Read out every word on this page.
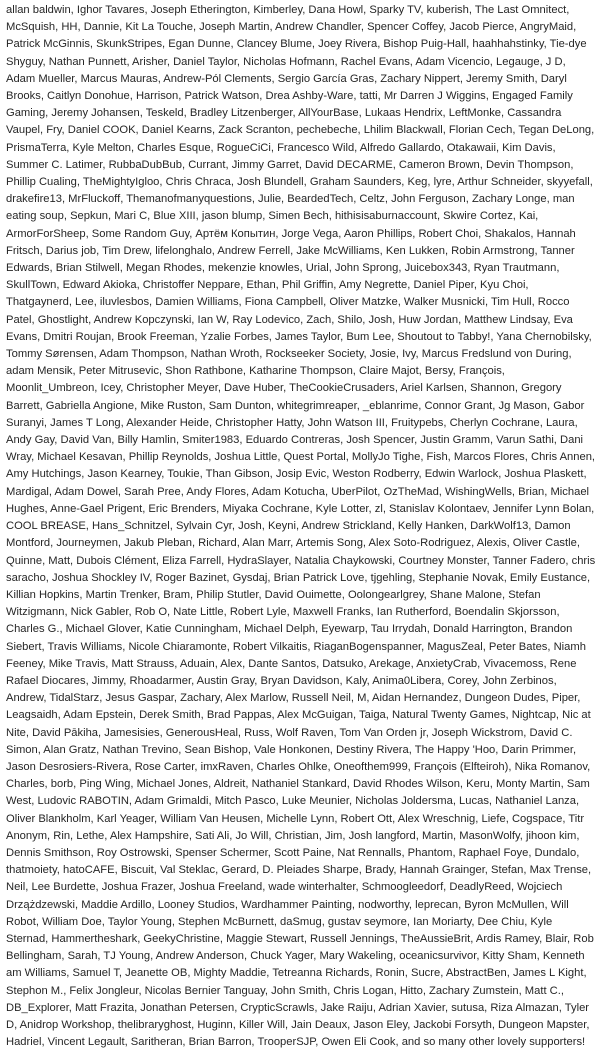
allan baldwin, Ighor Tavares, Joseph Etherington, Kimberley, Dana Howl, Sparky TV, kuberish, The Last Omnitect, McSquish, HH, Dannie, Kit La Touche, Joseph Martin, Andrew Chandler, Spencer Coffey, Jacob Pierce, AngryMaid, Patrick McGinnis, SkunkStripes, Egan Dunne, Clancey Blume, Joey Rivera, Bishop Puig-Hall, haahhahstinky, Tie-dye Shyguy, Nathan Punnett, Arisher, Daniel Taylor, Nicholas Hofmann, Rachel Evans, Adam Vicencio, Legauge, J D, Adam Mueller, Marcus Mauras, Andrew-Pól Clements, Sergio García Gras, Zachary Nippert, Jeremy Smith, Daryl Brooks, Caitlyn Donohue, Harrison, Patrick Watson, Drea Ashby-Ware, tatti, Mr Darren J Wiggins, Engaged Family Gaming, Jeremy Johansen, Teskeld, Bradley Litzenberger, AllYourBase, Lukaas Hendrix, LeftMonke, Cassandra Vaupel, Fry, Daniel COOK, Daniel Kearns, Zack Scranton, pechebeche, Lhilim Blackwall, Florian Cech, Tegan DeLong, PrismaTerra, Kyle Melton, Charles Esque, RogueCiCi, Francesco Wild, Alfredo Gallardo, Otakawaii, Kim Davis, Summer C. Latimer, RubbaDubBub, Currant, Jimmy Garret, David DECARME, Cameron Brown, Devin Thompson, Phillip Cualing, TheMightyIgloo, Chris Chraca, Josh Blundell, Graham Saunders, Keg, lyre, Arthur Schneider, skyyefall, drakefire13, MrFluckoff, Themanofmanyquestions, Julie, BeardedTech, Celtz, John Ferguson, Zachary Longe, man eating soup, Sepkun, Mari C, Blue XIII, jason blump, Simen Bech, hithisisaburnaccount, Skwire Cortez, Kai, ArmorForSheep, Some Random Guy, Артём Копытин, Jorge Vega, Aaron Phillips, Robert Choi, Shakalos, Hannah Fritsch, Darius job, Tim Drew, lifelonghalo, Andrew Ferrell, Jake McWilliams, Ken Lukken, Robin Armstrong, Tanner Edwards, Brian Stilwell, Megan Rhodes, mekenzie knowles, Urial, John Sprong, Juicebox343, Ryan Trautmann, SkullTown, Edward Akioka, Christoffer Neppare, Ethan, Phil Griffin, Amy Negrette, Daniel Piper, Kyu Choi, Thatgaynerd, Lee, iluvlesbos, Damien Williams, Fiona Campbell, Oliver Matzke, Walker Musnicki, Tim Hull, Rocco Patel, Ghostlight, Andrew Kopczynski, Ian W, Ray Lodevico, Zach, Shilo, Josh, Huw Jordan, Matthew Lindsay, Eva Evans, Dmitri Roujan, Brook Freeman, Yzalie Forbes, James Taylor, Bum Lee, Shoutout to Tabby!, Yana Chernobilsky, Tommy Sørensen, Adam Thompson, Nathan Wroth, Rockseeker Society, Josie, Ivy, Marcus Fredslund von During, adam Mensik, Peter Mitrusevic, Shon Rathbone, Katharine Thompson, Claire Majot, Bersy, François, Moonlit_Umbreon, Icey, Christopher Meyer, Dave Huber, TheCookieCrusaders, Ariel Karlsen, Shannon, Gregory Barrett, Gabriella Angione, Mike Ruston, Sam Dunton, whitegrimreaper, _eblanrime, Connor Grant, Jg Mason, Gabor Suranyi, James T Long, Alexander Heide, Christopher Hatty, John Watson III, Fruitypebs, Cherlyn Cochrane, Laura, Andy Gay, David Van, Billy Hamlin, Smiter1983, Eduardo Contreras, Josh Spencer, Justin Gramm, Varun Sathi, Dani Wray, Michael Kesavan, Phillip Reynolds, Joshua Little, Quest Portal, MollyJo Tighe, Fish, Marcos Flores, Chris Annen, Amy Hutchings, Jason Kearney, Toukie, Than Gibson, Josip Evic, Weston Rodberry, Edwin Warlock, Joshua Plaskett, Mardigal, Adam Dowel, Sarah Pree, Andy Flores, Adam Kotucha, UberPilot, OzTheMad, WishingWells, Brian, Michael Hughes, Anne-Gael Prigent, Eric Brenders, Miyaka Cochrane, Kyle Lotter, zl, Stanislav Kolontaev, Jennifer Lynn Bolan, COOL BREASE, Hans_Schnitzel, Sylvain Cyr, Josh, Keyni, Andrew Strickland, Kelly Hanken, DarkWolf13, Damon Montford, Journeymen, Jakub Pleban, Richard, Alan Marr, Artemis Song, Alex Soto-Rodriguez, Alexis, Oliver Castle, Quinne, Matt, Dubois Clément, Eliza Farrell, HydraSlayer, Natalia Chaykowski, Courtney Monster, Tanner Fadero, chris saracho, Joshua Shockley IV, Roger Bazinet, Gysdaj, Brian Patrick Love, tjgehling, Stephanie Novak, Emily Eustance, Killian Hopkins, Martin Trenker, Bram, Philip Stutler, David Ouimette, Oolongearlgrey, Shane Malone, Stefan Witzigmann, Nick Gabler, Rob O, Nate Little, Robert Lyle, Maxwell Franks, Ian Rutherford, Boendalin Skjorsson, Charles G., Michael Glover, Katie Cunningham, Michael Delph, Eyewarp, Tau Irrydah, Donald Harrington, Brandon Siebert, Travis Williams, Nicole Chiaramonte, Robert Vilkaitis, RiaganBogenspanner, MagusZeal, Peter Bates, Niamh Feeney, Mike Travis, Matt Strauss, Aduain, Alex, Dante Santos, Datsuko, Arekage, AnxietyCrab, Vivacemoss, Rene Rafael Diocares, Jimmy, Rhoadarmer, Austin Gray, Bryan Davidson, Kaly, Anima0Libera, Corey, John Zerbinos, Andrew, TidalStarz, Jesus Gaspar, Zachary, Alex Marlow, Russell Neil, M, Aidan Hernandez, Dungeon Dudes, Piper, Leagsaidh, Adam Epstein, Derek Smith, Brad Pappas, Alex McGuigan, Taiga, Natural Twenty Games, Nightcap, Nic at Nite, David Pākiha, Jamesisies, GenerousHeal, Russ, Wolf Raven, Tom Van Orden jr, Joseph Wickstrom, David C. Simon, Alan Gratz, Nathan Trevino, Sean Bishop, Vale Honkonen, Destiny Rivera, The Happy 'Hoo, Darin Primmer, Jason Desrosiers-Rivera, Rose Carter, imxRaven, Charles Ohlke, Oneofthem999, François (Elfteiroh), Nika Romanov, Charles, borb, Ping Wing, Michael Jones, Aldreit, Nathaniel Stankard, David Rhodes Wilson, Keru, Monty Martin, Sam West, Ludovic RABOTIN, Adam Grimaldi, Mitch Pasco, Luke Meunier, Nicholas Joldersma, Lucas, Nathaniel Lanza, Oliver Blankholm, Karl Yeager, William Van Heusen, Michelle Lynn, Robert Ott, Alex Wreschnig, Liefe, Cogspace, Titr Anonym, Rin, Lethe, Alex Hampshire, Sati Ali, Jo Will, Christian, Jim, Josh langford, Martin, MasonWolfy, jihoon kim, Dennis Smithson, Roy Ostrowski, Spenser Schermer, Scott Paine, Nat Rennalls, Phantom, Raphael Foye, Dundalo, thatmoiety, hatoCAFE, Biscuit, Val Steklac, Gerard, D. Pleiades Sharpe, Brady, Hannah Grainger, Stefan, Max Trense, Neil, Lee Burdette, Joshua Frazer, Joshua Freeland, wade winterhalter, Schmoogleedorf, DeadlyReed, Wojciech Drzążdzewski, Maddie Ardillo, Looney Studios, Wardhammer Painting, nodworthy, leprecan, Byron McMullen, Will Robot, William Doe, Taylor Young, Stephen McBurnett, daSmug, gustav seymore, Ian Moriarty, Dee Chiu, Kyle Sternad, Hammertheshark, GeekyChristine, Maggie Stewart, Russell Jennings, TheAussieBrit, Ardis Ramey, Blair, Rob Bellingham, Sarah, TJ Young, Andrew Anderson, Chuck Yager, Mary Wakeling, oceanicsurvivor, Kitty Sham, Kenneth am Williams, Samuel T, Jeanette OB, Mighty Maddie, Tetreanna Richards, Ronin, Sucre, AbstractBen, James L Kight, Stephon M., Felix Jongleur, Nicolas Bernier Tanguay, John Smith, Chris Logan, Hitto, Zachary Zumstein, Matt C., DB_Explorer, Matt Frazita, Jonathan Petersen, CrypticScrawls, Jake Raiju, Adrian Xavier, sutusa, Riza Almazan, Tyler D, Anidrop Workshop, thelibraryghost, Huginn, Killer Will, Jain Deaux, Jason Eley, Jackobi Forsyth, Dungeon Mapster, Hadriel, Vincent Legault, Saritheran, Brian Barron, TrooperSJP, Owen Eli Cook, and so many other lovely supporters!
